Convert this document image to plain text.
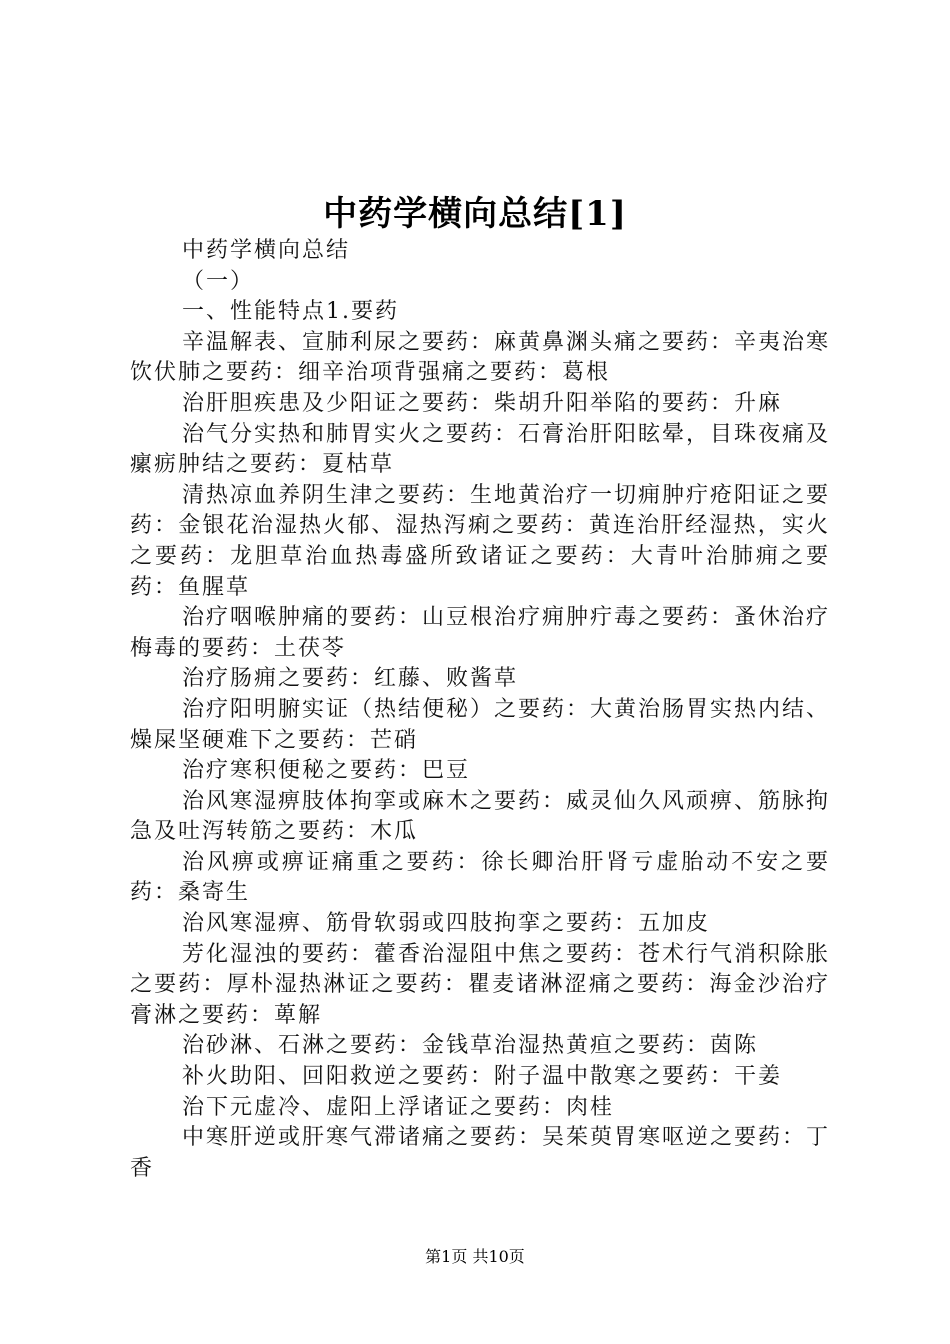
中药学横向总结[1]

中药学横向总结

（一）

一、性能特点1.要药

辛温解表、宣肺利尿之要药：麻黄鼻渊头痛之要药：辛夷治寒饮伏肺之要药：细辛治项背强痛之要药：葛根

治肝胆疾患及少阳证之要药：柴胡升阳举陷的要药：升麻

治气分实热和肺胃实火之要药：石膏治肝阳眩晕，目珠夜痛及瘰疬肿结之要药：夏枯草

清热凉血养阴生津之要药：生地黄治疗一切痈肿疔疮阳证之要药：金银花治湿热火郁、湿热泻痢之要药：黄连治肝经湿热，实火之要药：龙胆草治血热毒盛所致诸证之要药：大青叶治肺痈之要药：鱼腥草

治疗咽喉肿痛的要药：山豆根治疗痈肿疔毒之要药：蚤休治疗梅毒的要药：土茯苓

治疗肠痈之要药：红藤、败酱草

治疗阳明腑实证（热结便秘）之要药：大黄治肠胃实热内结、燥屎坚硬难下之要药：芒硝

治疗寒积便秘之要药：巴豆

治风寒湿痹肢体拘挛或麻木之要药：威灵仙久风顽痹、筋脉拘急及吐泻转筋之要药：木瓜

治风痹或痹证痛重之要药：徐长卿治肝肾亏虚胎动不安之要药：桑寄生

治风寒湿痹、筋骨软弱或四肢拘挛之要药：五加皮

芳化湿浊的要药：藿香治湿阻中焦之要药：苍术行气消积除胀之要药：厚朴湿热淋证之要药：瞿麦诸淋涩痛之要药：海金沙治疗膏淋之要药：萆解

治砂淋、石淋之要药：金钱草治湿热黄疸之要药：茵陈

补火助阳、回阳救逆之要药：附子温中散寒之要药：干姜

治下元虚冷、虚阳上浮诸证之要药：肉桂

中寒肝逆或肝寒气滞诸痛之要药：吴茱萸胃寒呕逆之要药：丁香

第1页 共10页
